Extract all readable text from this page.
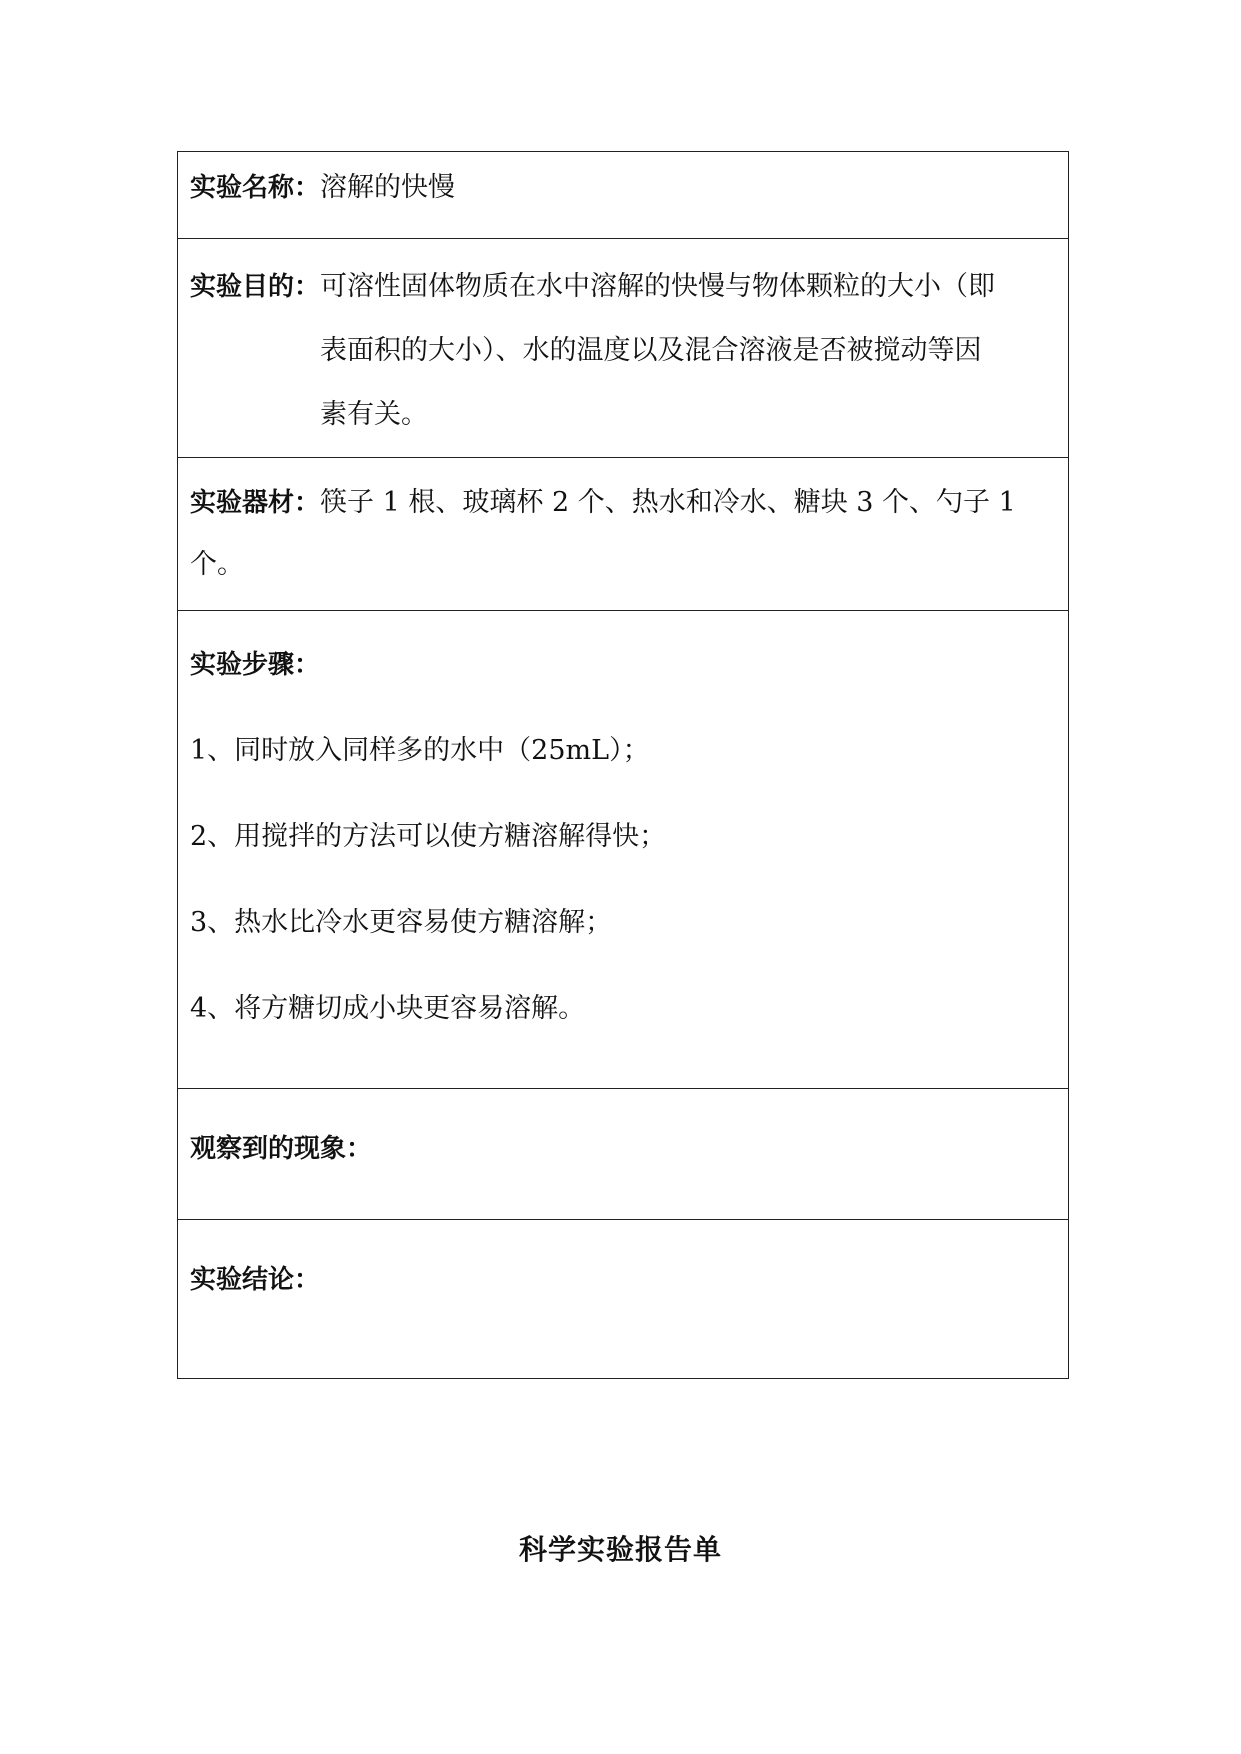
实验名称：溶解的快慢

实验目的： 可溶性固体物质在水中溶解的快慢与物体颗粒的大小（即
表面积的大小）、水的温度以及混合溶液是否被搅动等因
素有关。

实验器材：筷子 1 根、玻璃杯 2 个、热水和冷水、糖块 3 个、勺子 1 个。

实验步骤：
1、同时放入同样多的水中（25mL）；
2、用搅拌的方法可以使方糖溶解得快；
3、热水比冷水更容易使方糖溶解；
4、将方糖切成小块更容易溶解。

观察到的现象：

实验结论：
科学实验报告单
